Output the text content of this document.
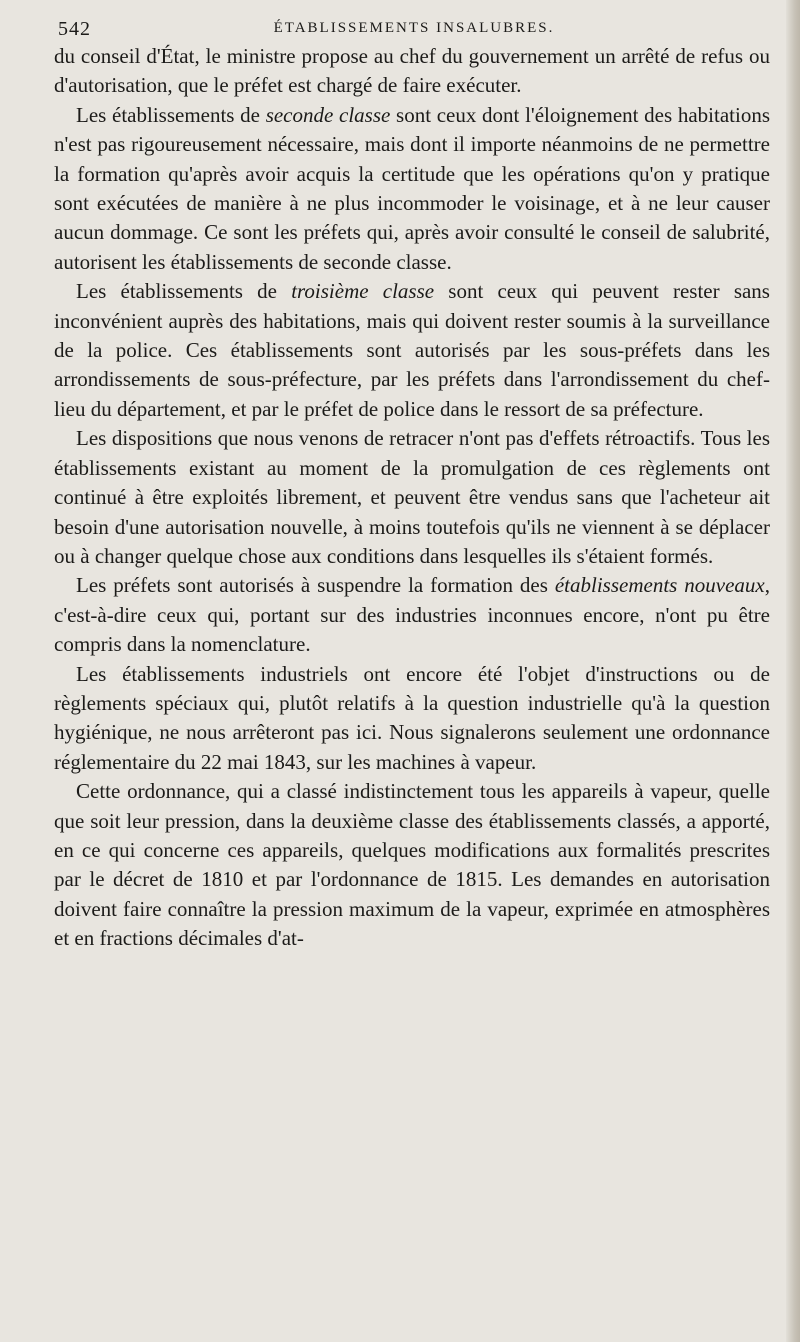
542	ÉTABLISSEMENTS INSALUBRES.

du conseil d'État, le ministre propose au chef du gouvernement un arrêté de refus ou d'autorisation, que le préfet est chargé de faire exécuter.

Les établissements de seconde classe sont ceux dont l'éloignement des habitations n'est pas rigoureusement nécessaire, mais dont il importe néanmoins de ne permettre la formation qu'après avoir acquis la certitude que les opérations qu'on y pratique sont exécutées de manière à ne plus incommoder le voisinage, et à ne leur causer aucun dommage. Ce sont les préfets qui, après avoir consulté le conseil de salubrité, autorisent les établissements de seconde classe.

Les établissements de troisième classe sont ceux qui peuvent rester sans inconvénient auprès des habitations, mais qui doivent rester soumis à la surveillance de la police. Ces établissements sont autorisés par les sous-préfets dans les arrondissements de sous-préfecture, par les préfets dans l'arrondissement du chef-lieu du département, et par le préfet de police dans le ressort de sa préfecture.

Les dispositions que nous venons de retracer n'ont pas d'effets rétroactifs. Tous les établissements existant au moment de la promulgation de ces règlements ont continué à être exploités librement, et peuvent être vendus sans que l'acheteur ait besoin d'une autorisation nouvelle, à moins toutefois qu'ils ne viennent à se déplacer ou à changer quelque chose aux conditions dans lesquelles ils s'étaient formés.

Les préfets sont autorisés à suspendre la formation des établissements nouveaux, c'est-à-dire ceux qui, portant sur des industries inconnues encore, n'ont pu être compris dans la nomenclature.

Les établissements industriels ont encore été l'objet d'instructions ou de règlements spéciaux qui, plutôt relatifs à la question industrielle qu'à la question hygiénique, ne nous arrêteront pas ici. Nous signalerons seulement une ordonnance réglementaire du 22 mai 1843, sur les machines à vapeur.

Cette ordonnance, qui a classé indistinctement tous les appareils à vapeur, quelle que soit leur pression, dans la deuxième classe des établissements classés, a apporté, en ce qui concerne ces appareils, quelques modifications aux formalités prescrites par le décret de 1810 et par l'ordonnance de 1815. Les demandes en autorisation doivent faire connaître la pression maximum de la vapeur, exprimée en atmosphères et en fractions décimales d'at-
